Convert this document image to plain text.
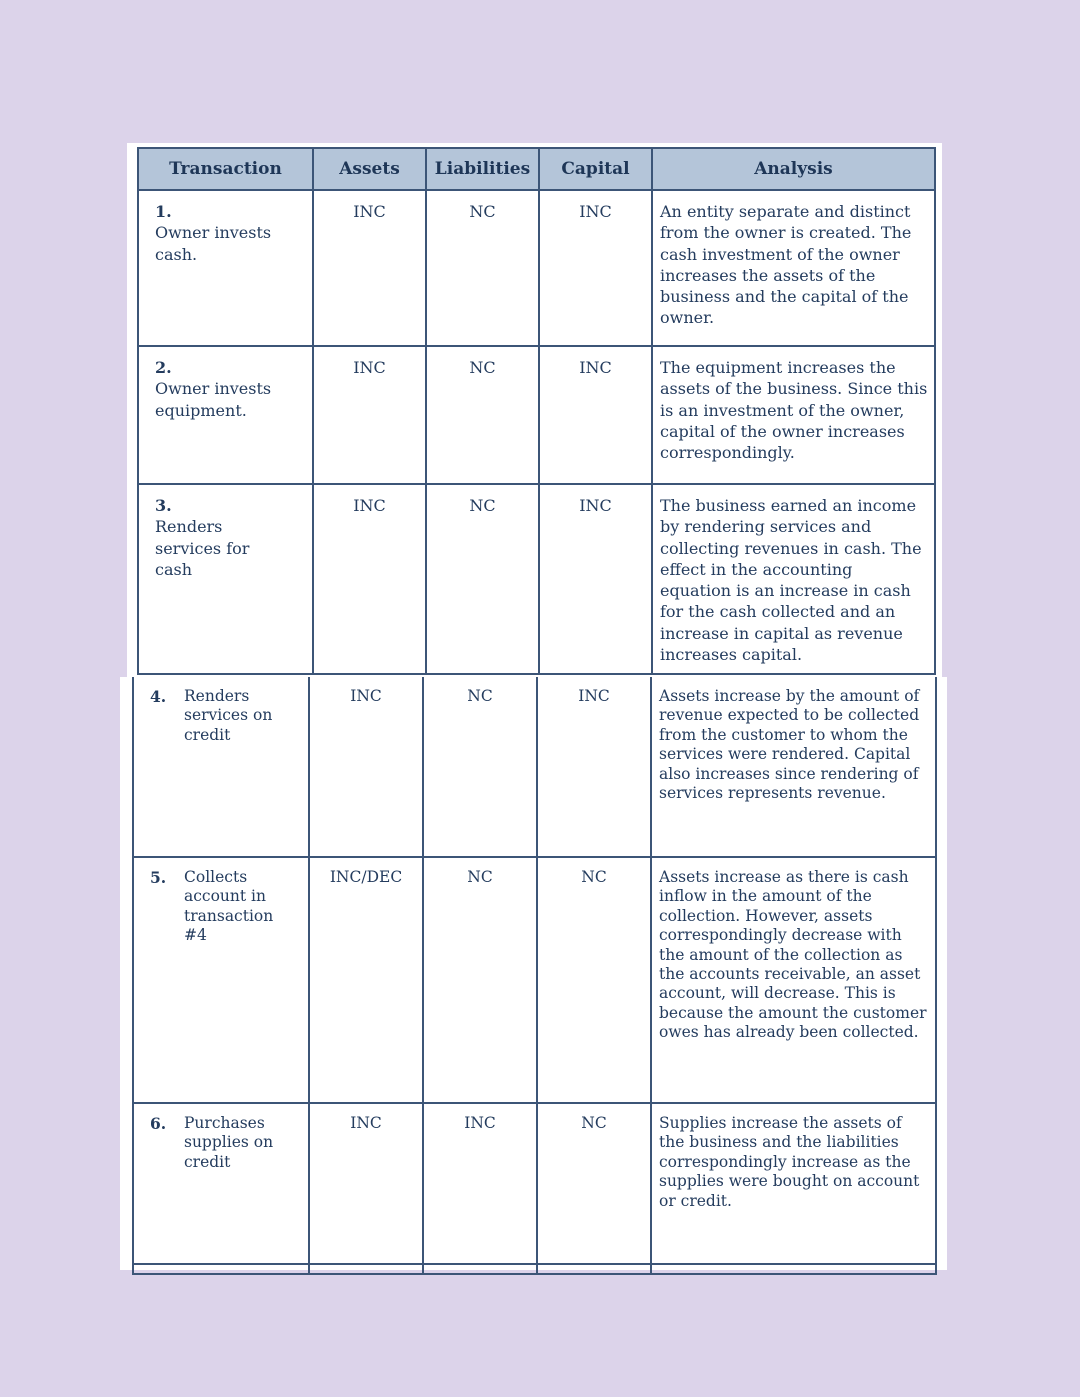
Transaction	Assets	Liabilities	Capital	Analysis
1.Owner invests cash.	INC	NC	INC	An entity separate and distinct from the owner is created. The cash investment of the owner increases the assets of the business and the capital of the owner.
2.Owner invests equipment.	INC	NC	INC	The equipment increases the assets of the business. Since this is an investment of the owner, capital of the owner increases correspondingly.
3.Renders services for cash	INC	NC	INC	The business earned an income by rendering services and collecting revenues in cash. The effect in the accounting equation is an increase in cash for the cash collected and an increase in capital as revenue increases capital.
4. Renders services on credit	INC	NC	INC	Assets increase by the amount of revenue expected to be collected from the customer to whom the services were rendered. Capital also increases since rendering of services represents revenue.
5. Collects account in transaction #4	INC/DEC	NC	NC	Assets increase as there is cash inflow in the amount of the collection. However, assets correspondingly decrease with the amount of the collection as the accounts receivable, an asset account, will decrease. This is because the amount the customer owes has already been collected.
6. Purchases supplies on credit	INC	INC	NC	Supplies increase the assets of the business and the liabilities correspondingly increase as the supplies were bought on account or credit.
